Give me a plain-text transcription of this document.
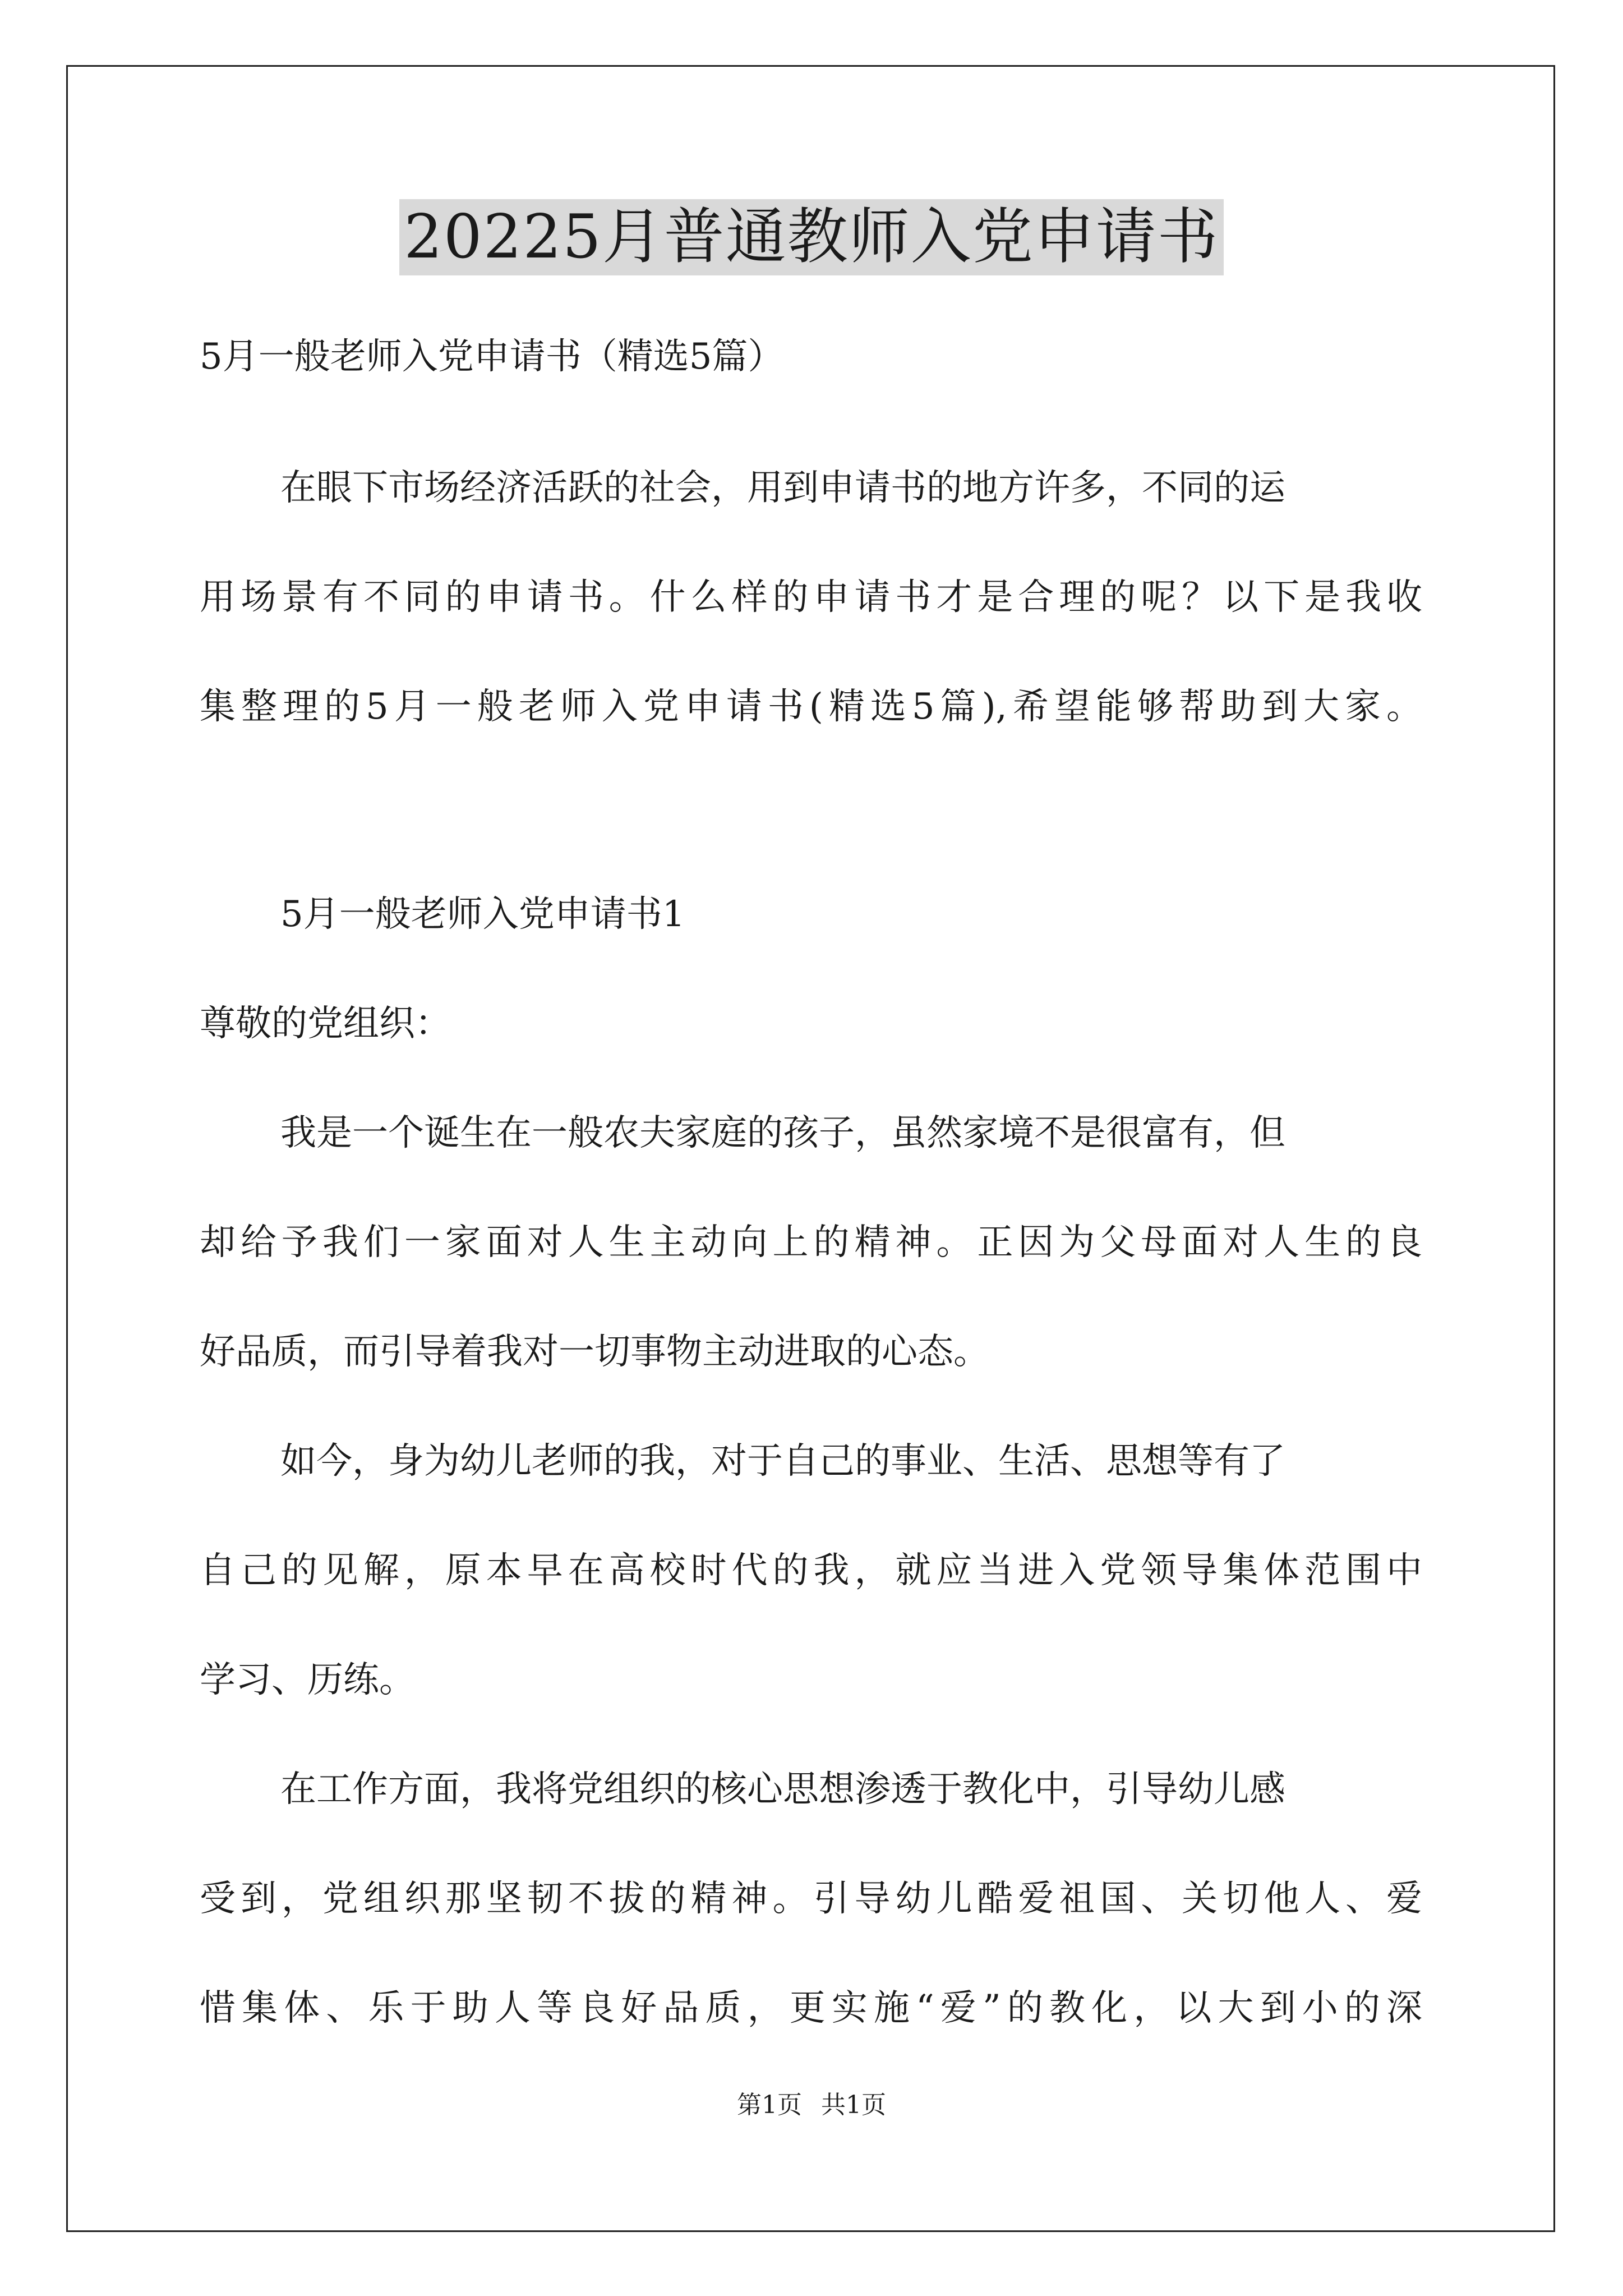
20225月普通教师入党申请书
5月一般老师入党申请书（精选5篇）
在眼下市场经济活跃的社会，用到申请书的地方许多，不同的运
用场景有不同的申请书。什么样的申请书才是合理的呢？以下是我收
集整理的5月一般老师入党申请书(精选5篇),希望能够帮助到大家。
5月一般老师入党申请书1
尊敬的党组织：
我是一个诞生在一般农夫家庭的孩子，虽然家境不是很富有，但
却给予我们一家面对人生主动向上的精神。正因为父母面对人生的良
好品质，而引导着我对一切事物主动进取的心态。
如今，身为幼儿老师的我，对于自己的事业、生活、思想等有了
自己的见解，原本早在高校时代的我，就应当进入党领导集体范围中
学习、历练。
在工作方面，我将党组织的核心思想渗透于教化中，引导幼儿感
受到，党组织那坚韧不拔的精神。引导幼儿酷爱祖国、关切他人、爱
惜集体、乐于助人等良好品质，更实施“爱”的教化，以大到小的深
第1页 共1页
